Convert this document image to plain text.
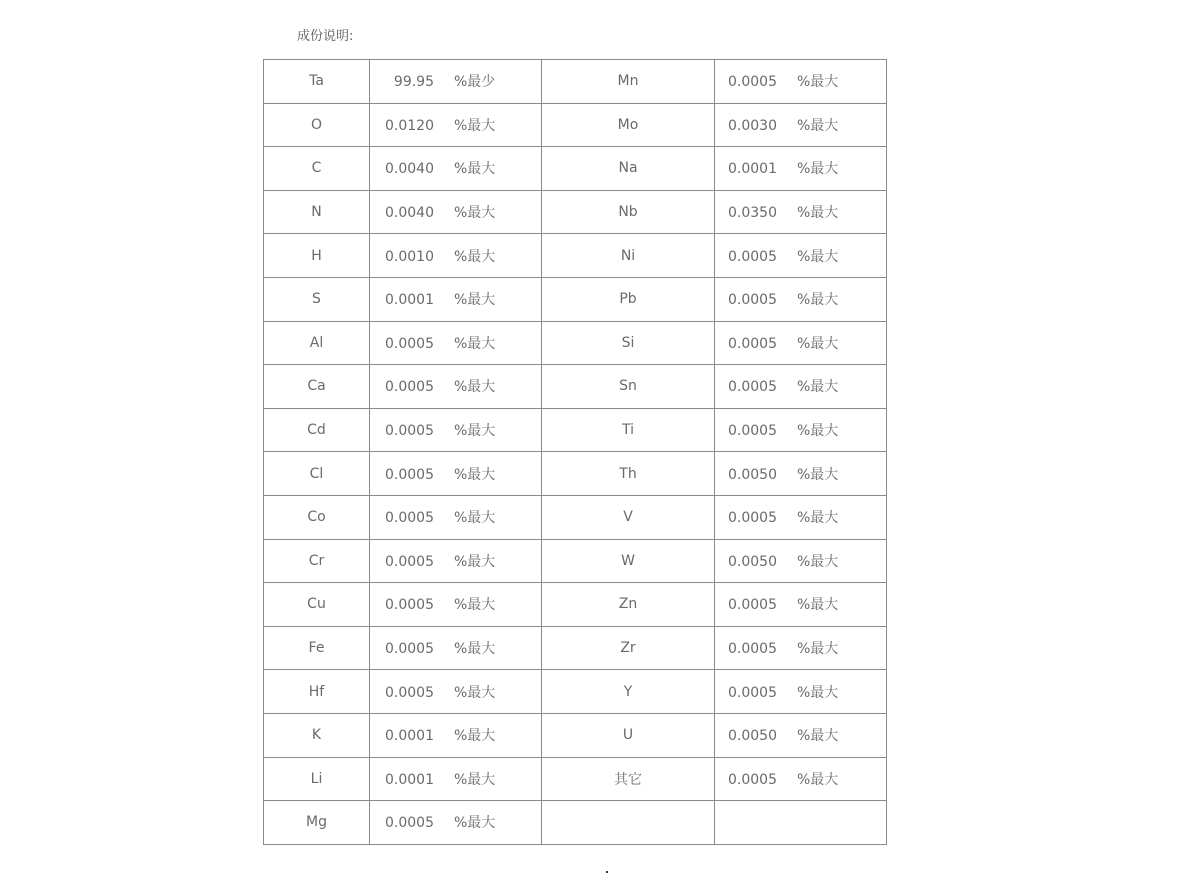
成份说明:
Ta	99.95 %最少	Mn	0.0005 %最大
O	0.0120 %最大	Mo	0.0030 %最大
C	0.0040 %最大	Na	0.0001 %最大
N	0.0040 %最大	Nb	0.0350 %最大
H	0.0010 %最大	Ni	0.0005 %最大
S	0.0001 %最大	Pb	0.0005 %最大
Al	0.0005 %最大	Si	0.0005 %最大
Ca	0.0005 %最大	Sn	0.0005 %最大
Cd	0.0005 %最大	Ti	0.0005 %最大
Cl	0.0005 %最大	Th	0.0050 %最大
Co	0.0005 %最大	V	0.0005 %最大
Cr	0.0005 %最大	W	0.0050 %最大
Cu	0.0005 %最大	Zn	0.0005 %最大
Fe	0.0005 %最大	Zr	0.0005 %最大
Hf	0.0005 %最大	Y	0.0005 %最大
K	0.0001 %最大	U	0.0050 %最大
Li	0.0001 %最大	其它	0.0005 %最大
Mg	0.0005 %最大		
